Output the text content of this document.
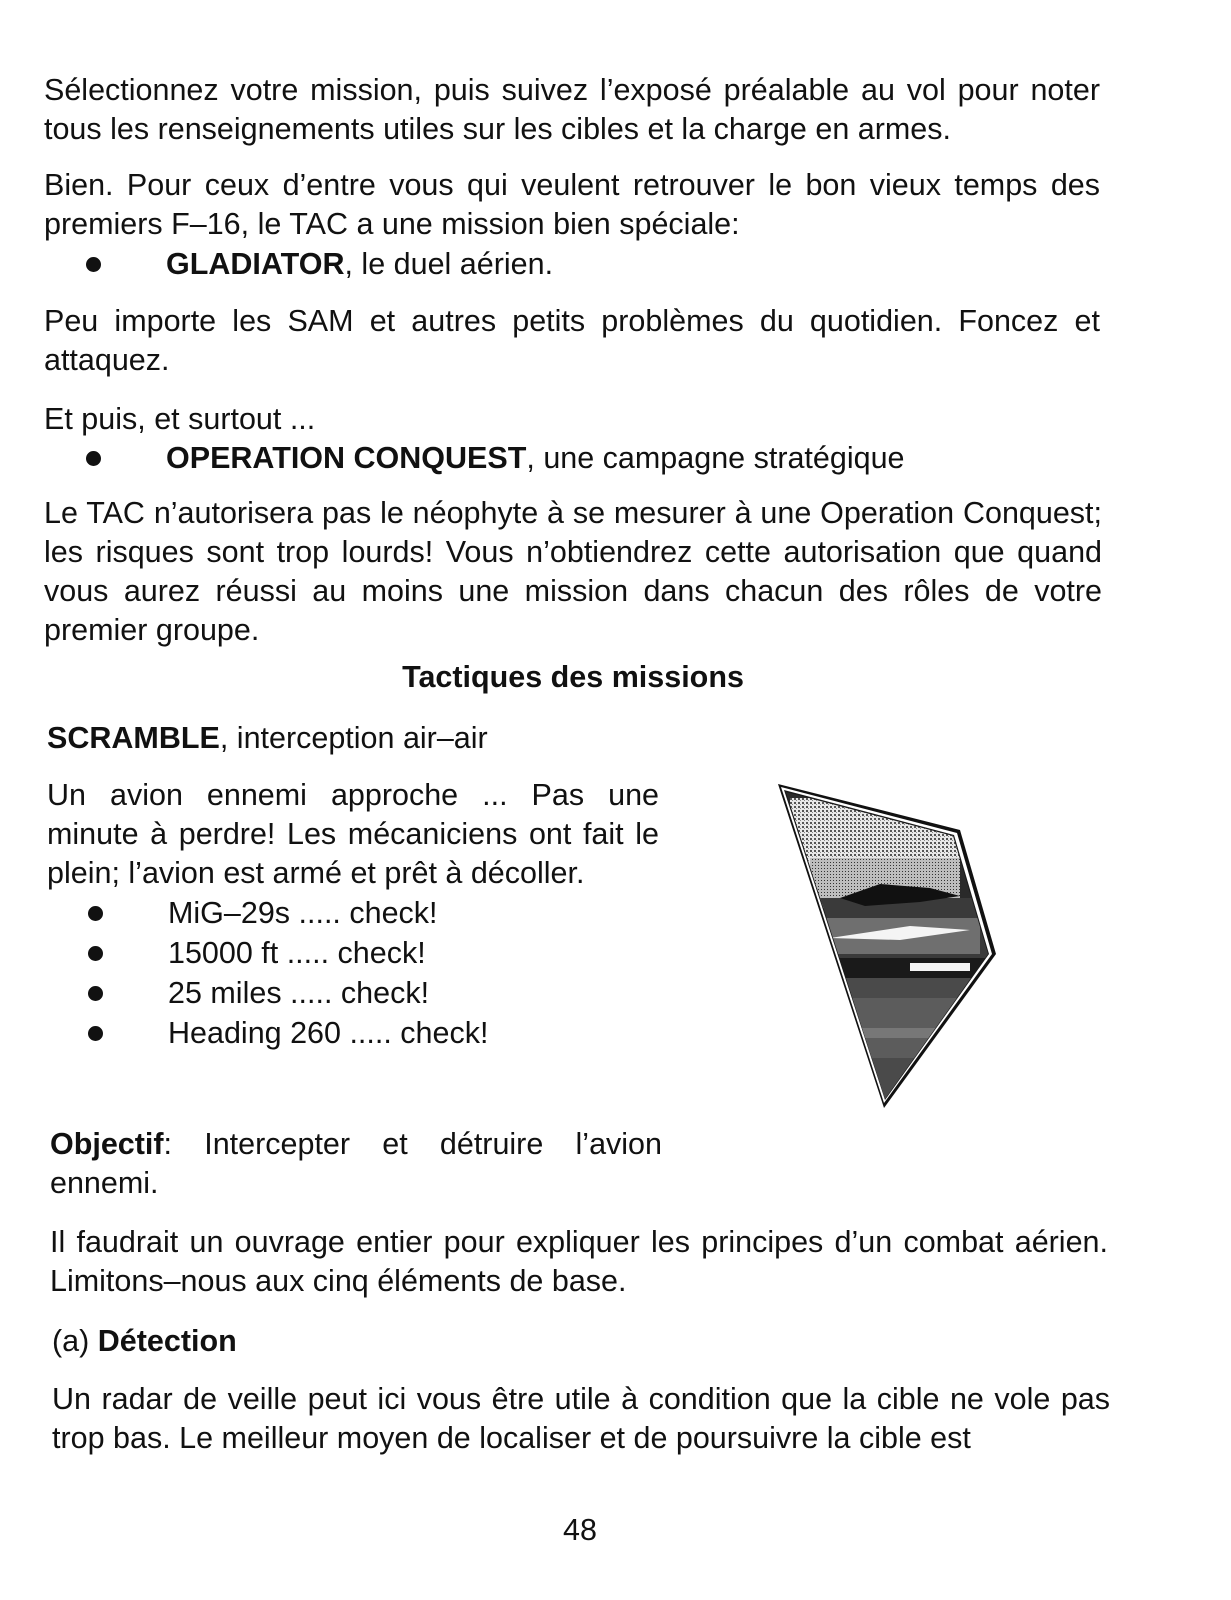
Sélectionnez votre mission, puis suivez l’exposé préalable au vol pour noter tous les renseignements utiles sur les cibles et la charge en armes.

Bien. Pour ceux d’entre vous qui veulent retrouver le bon vieux temps des premiers F–16, le TAC a une mission bien spéciale:

GLADIATOR, le duel aérien.

Peu importe les SAM et autres petits problèmes du quotidien. Foncez et attaquez.

Et puis, et surtout ...

OPERATION CONQUEST, une campagne stratégique

Le TAC n’autorisera pas le néophyte à se mesurer à une Operation Conquest; les risques sont trop lourds! Vous n’obtiendrez cette autorisation que quand vous aurez réussi au moins une mission dans chacun des rôles de votre premier groupe.

Tactiques des missions

SCRAMBLE, interception air–air

Un avion ennemi approche ... Pas une minute à perdre! Les mécaniciens ont fait le plein; l’avion est armé et prêt à décoller.

MiG–29s ..... check!
15000 ft ..... check!
25 miles ..... check!
Heading 260 ..... check!

Objectif: Intercepter et détruire l’avion ennemi.

Il faudrait un ouvrage entier pour expliquer les principes d’un combat aérien. Limitons–nous aux cinq éléments de base.

(a) Détection

Un radar de veille peut ici vous être utile à condition que la cible ne vole pas trop bas. Le meilleur moyen de localiser et de poursuivre la cible est

48
